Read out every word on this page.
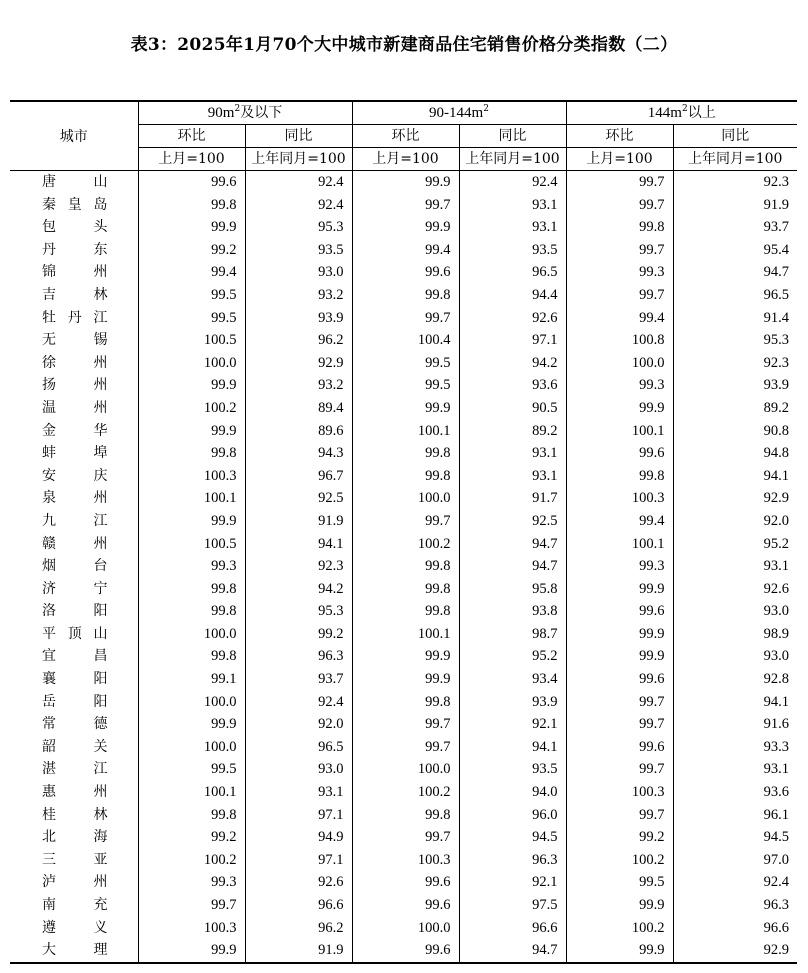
表3：2025年1月70个大中城市新建商品住宅销售价格分类指数（二）
城市	$90m^2$及以下		$90-144m^2$		$144m^2$以上	
	环比	同比	环比	同比	环比	同比
	上月=100	上年同月=100	上月=100	上年同月=100	上月=100	上年同月=100

唐 山	99.6	92.4	99.9	92.4	99.7	92.3

秦 皇 岛	99.8	92.4	99.7	93.1	99.7	91.9

包 头	99.9	95.3	99.9	93.1	99.8	93.7

丹 东	99.2	93.5	99.4	93.5	99.7	95.4

锦 州	99.4	93.0	99.6	96.5	99.3	94.7

吉 林	99.5	93.2	99.8	94.4	99.7	96.5

牡 丹 江	99.5	93.9	99.7	92.6	99.4	91.4

无 锡	100.5	96.2	100.4	97.1	100.8	95.3

徐 州	100.0	92.9	99.5	94.2	100.0	92.3

扬 州	99.9	93.2	99.5	93.6	99.3	93.9

温 州	100.2	89.4	99.9	90.5	99.9	89.2

金 华	99.9	89.6	100.1	89.2	100.1	90.8

蚌 埠	99.8	94.3	99.8	93.1	99.6	94.8

安 庆	100.3	96.7	99.8	93.1	99.8	94.1

泉 州	100.1	92.5	100.0	91.7	100.3	92.9

九 江	99.9	91.9	99.7	92.5	99.4	92.0

赣 州	100.5	94.1	100.2	94.7	100.1	95.2

烟 台	99.3	92.3	99.8	94.7	99.3	93.1

济 宁	99.8	94.2	99.8	95.8	99.9	92.6

洛 阳	99.8	95.3	99.8	93.8	99.6	93.0

平 顶 山	100.0	99.2	100.1	98.7	99.9	98.9

宜 昌	99.8	96.3	99.9	95.2	99.9	93.0

襄 阳	99.1	93.7	99.9	93.4	99.6	92.8

岳 阳	100.0	92.4	99.8	93.9	99.7	94.1

常 德	99.9	92.0	99.7	92.1	99.7	91.6

韶 关	100.0	96.5	99.7	94.1	99.6	93.3

湛 江	99.5	93.0	100.0	93.5	99.7	93.1

惠 州	100.1	93.1	100.2	94.0	100.3	93.6

桂 林	99.8	97.1	99.8	96.0	99.7	96.1

北 海	99.2	94.9	99.7	94.5	99.2	94.5

三 亚	100.2	97.1	100.3	96.3	100.2	97.0

泸 州	99.3	92.6	99.6	92.1	99.5	92.4

南 充	99.7	96.6	99.6	97.5	99.9	96.3

遵 义	100.3	96.2	100.0	96.6	100.2	96.6

大 理	99.9	91.9	99.6	94.7	99.9	92.9
